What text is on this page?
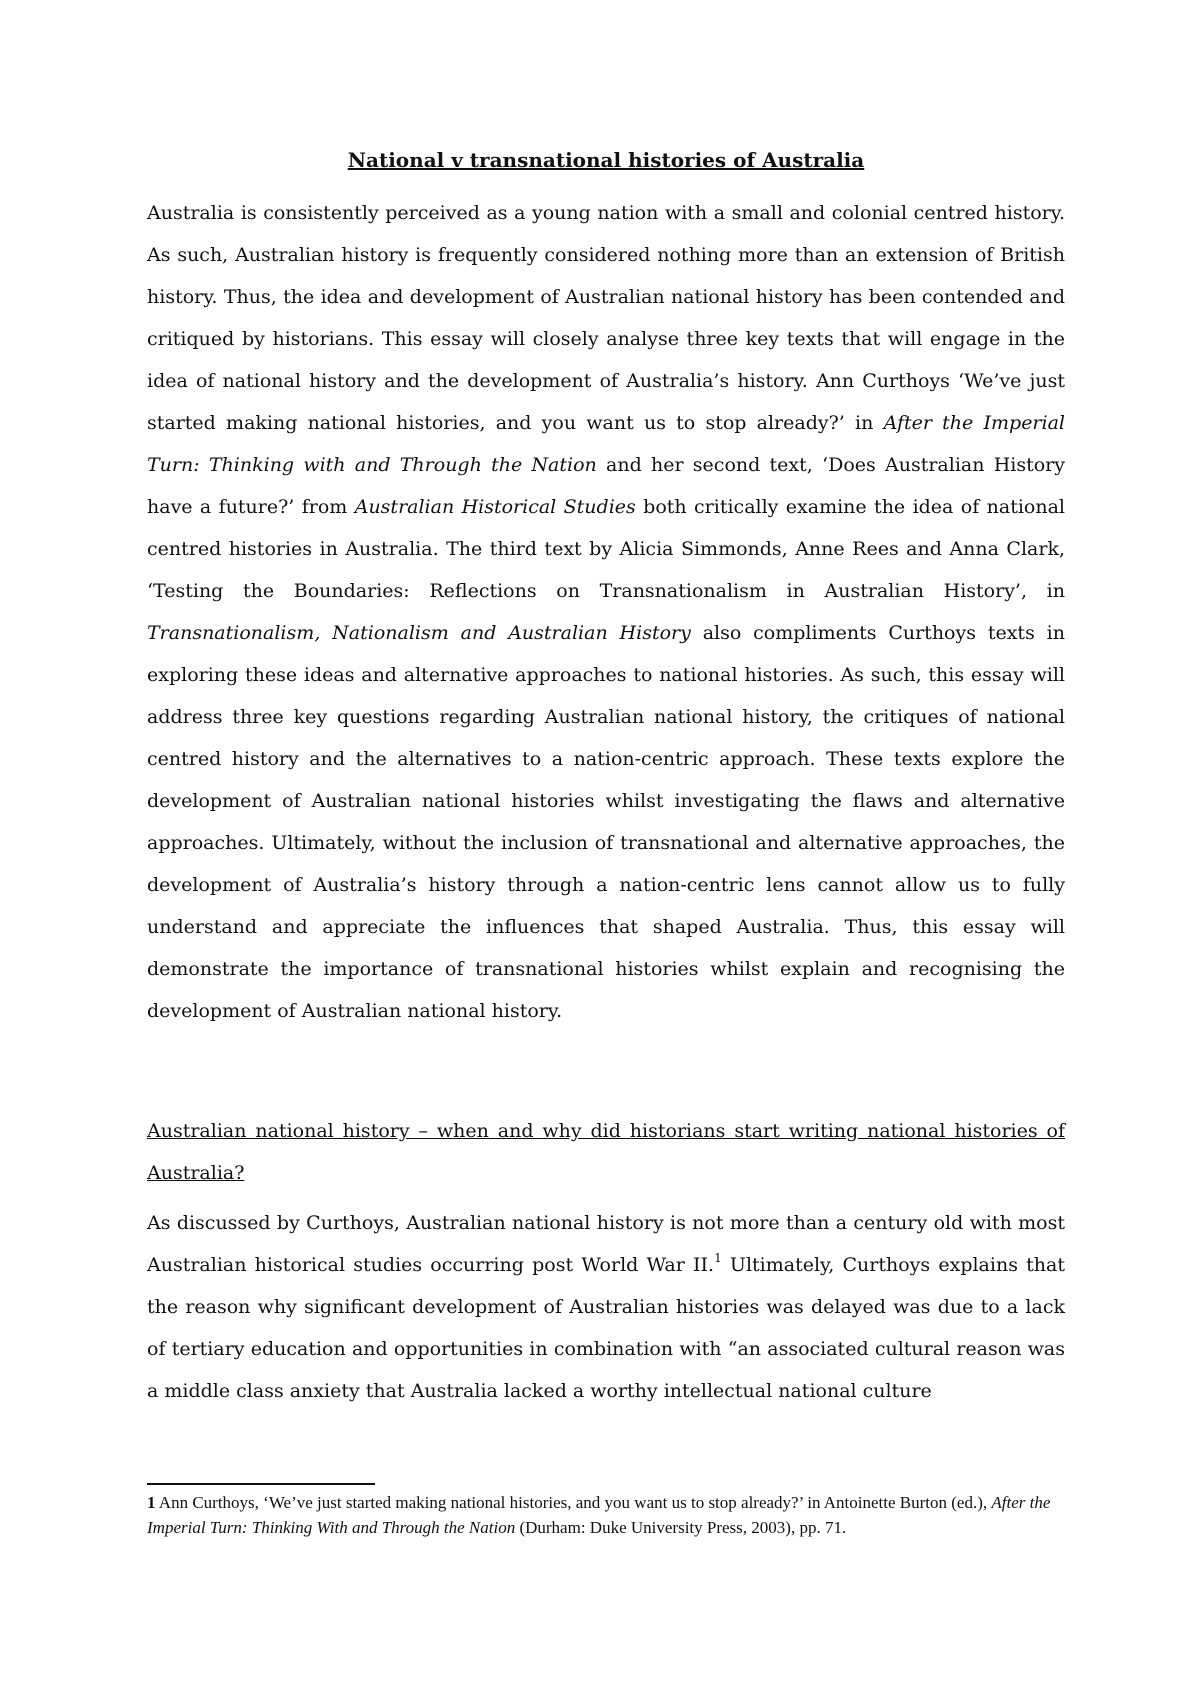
National v transnational histories of Australia

Australia is consistently perceived as a young nation with a small and colonial centred history. As such, Australian history is frequently considered nothing more than an extension of British history. Thus, the idea and development of Australian national history has been contended and critiqued by historians. This essay will closely analyse three key texts that will engage in the idea of national history and the development of Australia’s history. Ann Curthoys ‘We’ve just started making national histories, and you want us to stop already?’ in After the Imperial Turn: Thinking with and Through the Nation and her second text, ‘Does Australian History have a future?’ from Australian Historical Studies both critically examine the idea of national centred histories in Australia. The third text by Alicia Simmonds, Anne Rees and Anna Clark, ‘Testing the Boundaries: Reflections on Transnationalism in Australian History’, in Transnationalism, Nationalism and Australian History also compliments Curthoys texts in exploring these ideas and alternative approaches to national histories. As such, this essay will address three key questions regarding Australian national history, the critiques of national centred history and the alternatives to a nation-centric approach. These texts explore the development of Australian national histories whilst investigating the flaws and alternative approaches. Ultimately, without the inclusion of transnational and alternative approaches, the development of Australia’s history through a nation-centric lens cannot allow us to fully understand and appreciate the influences that shaped Australia. Thus, this essay will demonstrate the importance of transnational histories whilst explain and recognising the development of Australian national history.

Australian national history – when and why did historians start writing national histories of Australia?

As discussed by Curthoys, Australian national history is not more than a century old with most Australian historical studies occurring post World War II.$^1$ Ultimately, Curthoys explains that the reason why significant development of Australian histories was delayed was due to a lack of tertiary education and opportunities in combination with “an associated cultural reason was a middle class anxiety that Australia lacked a worthy intellectual national culture

1 Ann Curthoys, ‘We’ve just started making national histories, and you want us to stop already?’ in Antoinette Burton (ed.), After the Imperial Turn: Thinking With and Through the Nation (Durham: Duke University Press, 2003), pp. 71.
